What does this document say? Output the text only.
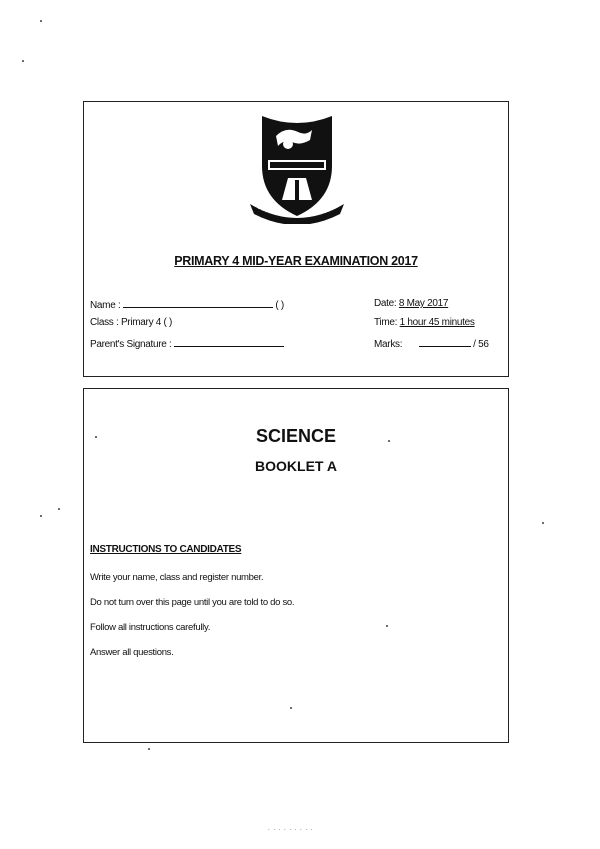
PRIMARY 4 MID-YEAR EXAMINATION 2017
Name :	( )
Class : Primary 4 ( )
Parent's Signature :
Date: 8 May 2017
Time: 1 hour 45 minutes
Marks:	/ 56
SCIENCE
BOOKLET A
INSTRUCTIONS TO CANDIDATES
Write your name, class and register number.
Do not turn over this page until you are told to do so.
Follow all instructions carefully.
Answer all questions.
. . . . . . . . .
